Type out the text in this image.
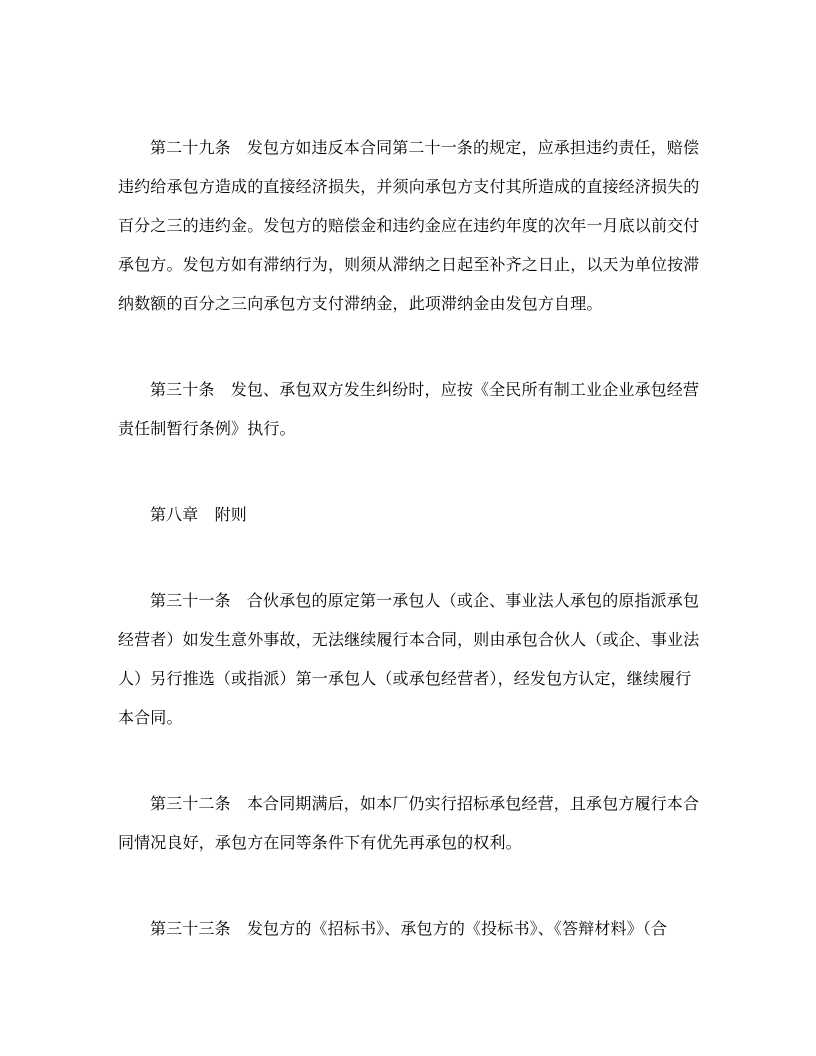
第二十九条　发包方如违反本合同第二十一条的规定，应承担违约责任，赔偿
违约给承包方造成的直接经济损失，并须向承包方支付其所造成的直接经济损失的
百分之三的违约金。发包方的赔偿金和违约金应在违约年度的次年一月底以前交付
承包方。发包方如有滞纳行为，则须从滞纳之日起至补齐之日止，以天为单位按滞
纳数额的百分之三向承包方支付滞纳金，此项滞纳金由发包方自理。
第三十条　发包、承包双方发生纠纷时，应按《全民所有制工业企业承包经营
责任制暂行条例》执行。
第八章　附则
第三十一条　合伙承包的原定第一承包人（或企、事业法人承包的原指派承包
经营者）如发生意外事故，无法继续履行本合同，则由承包合伙人（或企、事业法
人）另行推选（或指派）第一承包人（或承包经营者），经发包方认定，继续履行
本合同。
第三十二条　本合同期满后，如本厂仍实行招标承包经营，且承包方履行本合
同情况良好，承包方在同等条件下有优先再承包的权利。
第三十三条　发包方的《招标书》、承包方的《投标书》、《答辩材料》（合
